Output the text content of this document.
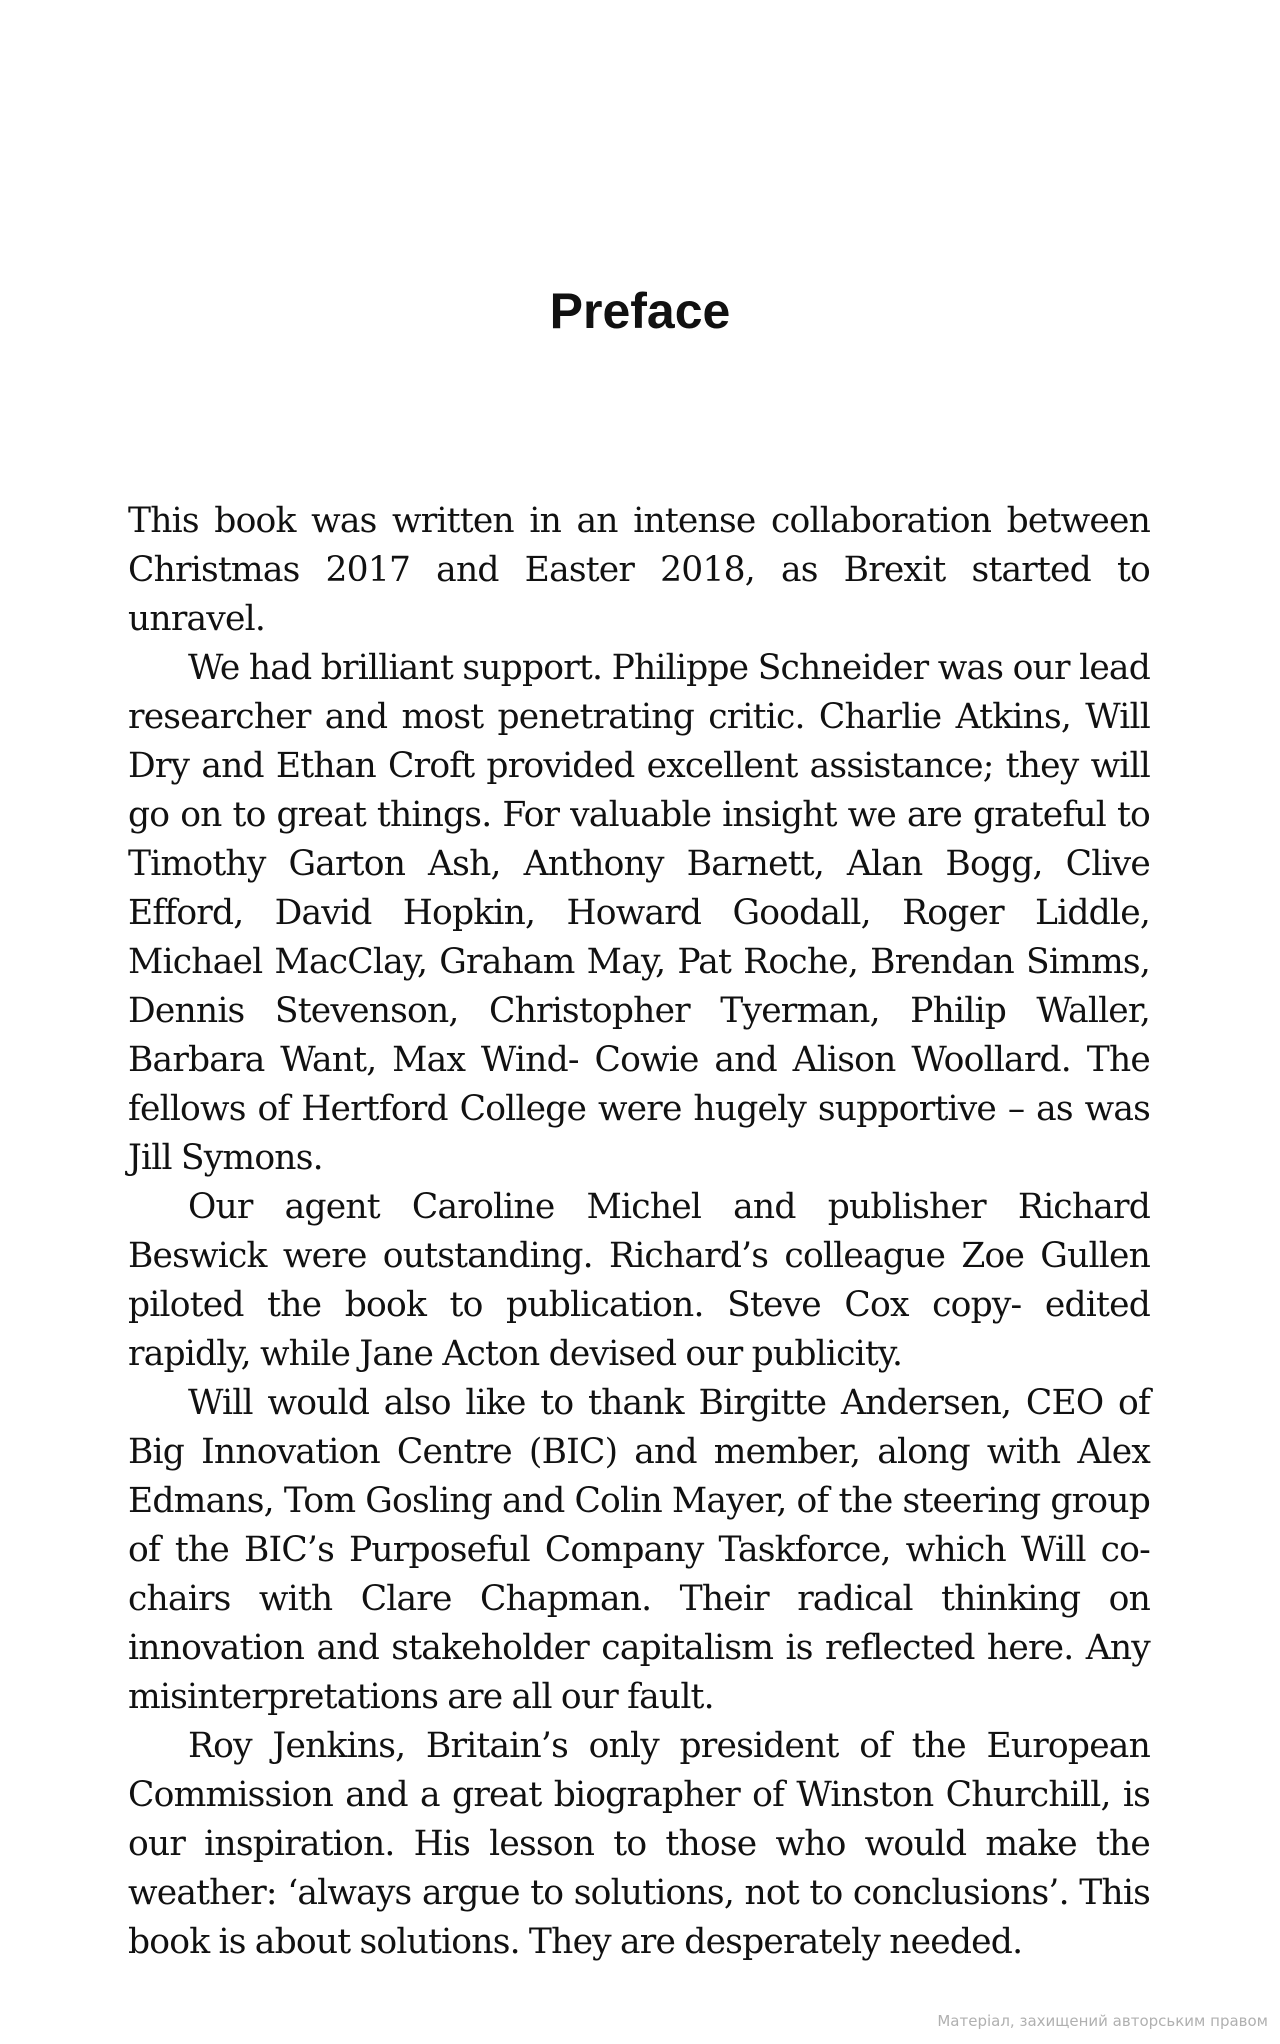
Preface

This book was written in an intense collaboration between Christmas 2017 and Easter 2018, as Brexit started to unravel.

We had brilliant support. Philippe Schneider was our lead researcher and most penetrating critic. Charlie Atkins, Will Dry and Ethan Croft provided excellent assistance; they will go on to great things. For valuable insight we are grateful to Timothy Garton Ash, Anthony Barnett, Alan Bogg, Clive Efford, David Hopkin, Howard Goodall, Roger Liddle, Michael MacClay, Graham May, Pat Roche, Brendan Simms, Dennis Stevenson, Christopher Tyerman, Philip Waller, Barbara Want, Max Wind- Cowie and Alison Woollard. The fellows of Hertford College were hugely supportive – as was Jill Symons.

Our agent Caroline Michel and publisher Richard Beswick were outstanding. Richard’s colleague Zoe Gullen piloted the book to publication. Steve Cox copy- edited rapidly, while Jane Acton devised our publicity.

Will would also like to thank Birgitte Andersen, CEO of Big Innovation Centre (BIC) and member, along with Alex Edmans, Tom Gosling and Colin Mayer, of the steering group of the BIC’s Purposeful Company Taskforce, which Will co-chairs with Clare Chapman. Their radical thinking on innovation and stakeholder capitalism is reflected here. Any misinterpretations are all our fault.

Roy Jenkins, Britain’s only president of the European Commission and a great biographer of Winston Churchill, is our inspiration. His lesson to those who would make the weather: ‘always argue to solutions, not to conclusions’. This book is about solutions. They are desperately needed.

Матеріал, захищений авторським правом
